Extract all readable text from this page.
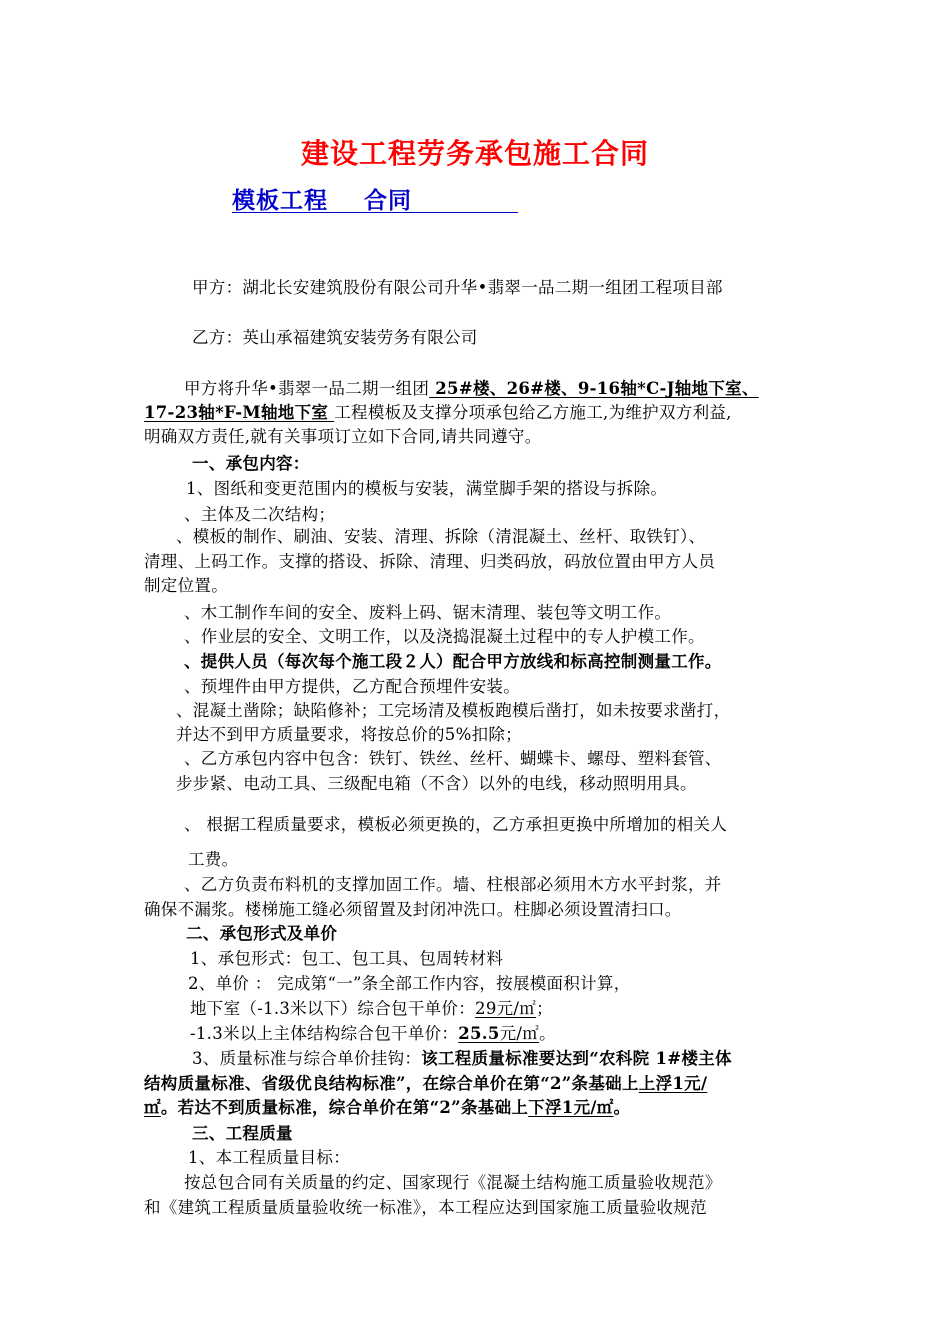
建设工程劳务承包施工合同
模板工程 合同
甲方：湖北长安建筑股份有限公司升华•翡翠一品二期一组团工程项目部
乙方：英山承福建筑安装劳务有限公司
甲方将升华•翡翠一品二期一组团 25#楼、26#楼、9-16轴*C-J轴地下室、
17-23轴*F-M轴地下室 工程模板及支撑分项承包给乙方施工,为维护双方利益,
明确双方责任,就有关事项订立如下合同,请共同遵守。
一、承包内容：
1、图纸和变更范围内的模板与安装，满堂脚手架的搭设与拆除。
、主体及二次结构；
、模板的制作、刷油、安装、清理、拆除（清混凝土、丝杆、取铁钉）、
清理、上码工作。支撑的搭设、拆除、清理、归类码放，码放位置由甲方人员
制定位置。
、木工制作车间的安全、废料上码、锯末清理、装包等文明工作。
、作业层的安全、文明工作，以及浇捣混凝土过程中的专人护模工作。
、提供人员（每次每个施工段２人）配合甲方放线和标高控制测量工作。
、预埋件由甲方提供，乙方配合预埋件安装。
、混凝土凿除；缺陷修补；工完场清及模板跑模后凿打，如未按要求凿打，
并达不到甲方质量要求，将按总价的5%扣除；
、乙方承包内容中包含：铁钉、铁丝、丝杆、蝴蝶卡、螺母、塑料套管、
步步紧、电动工具、三级配电箱（不含）以外的电线，移动照明用具。
、 根据工程质量要求，模板必须更换的，乙方承担更换中所增加的相关人
工费。
、乙方负责布料机的支撑加固工作。墙、柱根部必须用木方水平封浆，并
确保不漏浆。楼梯施工缝必须留置及封闭冲洗口。柱脚必须设置清扫口。
二、承包形式及单价
1、承包形式：包工、包工具、包周转材料
2、单价 ： 完成第“一”条全部工作内容，按展模面积计算，
地下室（-1.3米以下）综合包干单价：29元/㎡；
-1.3米以上主体结构综合包干单价：25.5元/㎡。
3、质量标准与综合单价挂钩：该工程质量标准要达到“农科院 1#楼主体
结构质量标准、省级优良结构标准”，在综合单价在第“2”条基础上上浮1元/
㎡。若达不到质量标准，综合单价在第“2”条基础上下浮1元/㎡。
三、工程质量
1、本工程质量目标：
按总包合同有关质量的约定、国家现行《混凝土结构施工质量验收规范》
和《建筑工程质量质量验收统一标准》，本工程应达到国家施工质量验收规范
